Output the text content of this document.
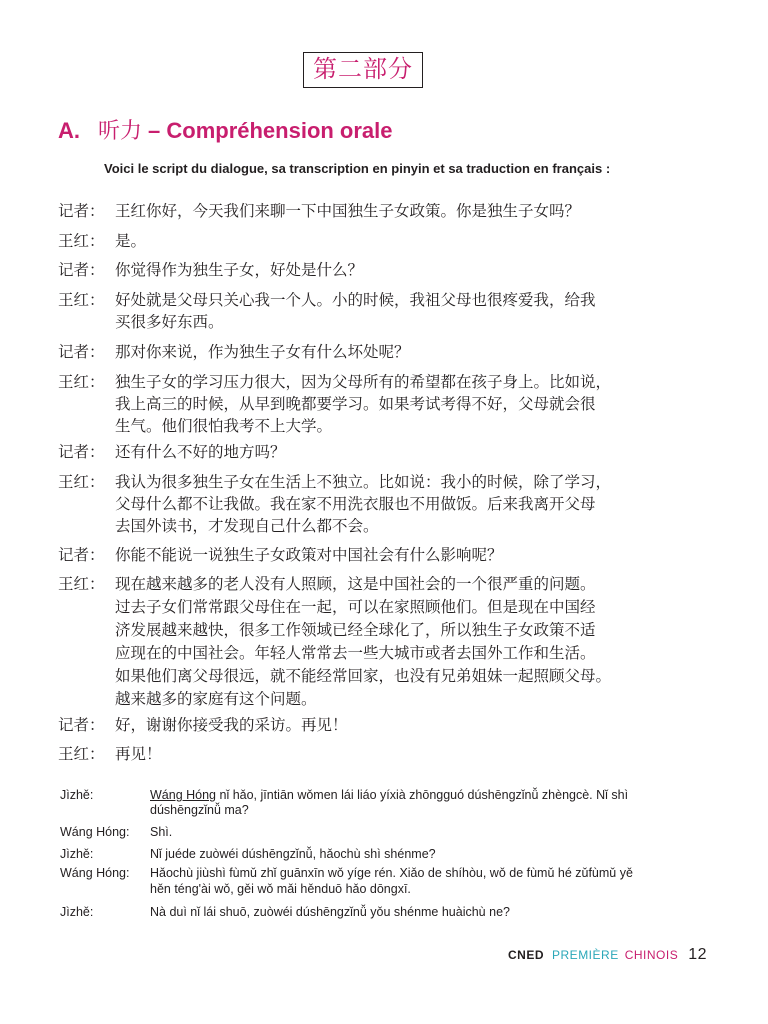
第二部分
A. 听力 – Compréhension orale
Voici le script du dialogue, sa transcription en pinyin et sa traduction en français :
记者： 王红你好，今天我们来聊一下中国独生子女政策。你是独生子女吗？
王红： 是。
记者： 你觉得作为独生子女，好处是什么？
王红： 好处就是父母只关心我一个人。小的时候，我祖父母也很疼爱我，给我
买很多好东西。
记者： 那对你来说，作为独生子女有什么坏处呢？
王红： 独生子女的学习压力很大，因为父母所有的希望都在孩子身上。比如说，
我上高三的时候，从早到晚都要学习。如果考试考得不好，父母就会很
生气。他们很怕我考不上大学。
记者： 还有什么不好的地方吗？
王红： 我认为很多独生子女在生活上不独立。比如说：我小的时候，除了学习，
父母什么都不让我做。我在家不用洗衣服也不用做饭。后来我离开父母
去国外读书，才发现自己什么都不会。
记者： 你能不能说一说独生子女政策对中国社会有什么影响呢？
王红： 现在越来越多的老人没有人照顾，这是中国社会的一个很严重的问题。
过去子女们常常跟父母住在一起，可以在家照顾他们。但是现在中国经
济发展越来越快，很多工作领域已经全球化了，所以独生子女政策不适
应现在的中国社会。年轻人常常去一些大城市或者去国外工作和生活。
如果他们离父母很远，就不能经常回家，也没有兄弟姐妹一起照顾父母。
越来越多的家庭有这个问题。
记者： 好，谢谢你接受我的采访。再见！
王红： 再见！
Jìzhě:	Wáng Hóng nǐ hǎo, jīntiān wǒmen lái liáo yíxià zhōngguó dúshēngzǐnǚ zhèngcè. Nǐ shì
dúshēngzǐnǚ ma?
Wáng Hóng: Shì.
Jìzhě:	Nǐ juéde zuòwéi dúshēngzǐnǚ, hǎochù shì shénme?
Wáng Hóng: Hǎochù jiùshì fùmǔ zhǐ guānxīn wǒ yíge rén. Xiǎo de shíhòu, wǒ de fùmǔ hé zǔfùmǔ yě
hěn téng'ài wǒ, gěi wǒ mǎi hěnduō hǎo dōngxī.
Jìzhě:	Nà duì nǐ lái shuō, zuòwéi dúshēngzǐnǚ yǒu shénme huàichù ne?
CNED PREMIÈRE CHINOIS 12
